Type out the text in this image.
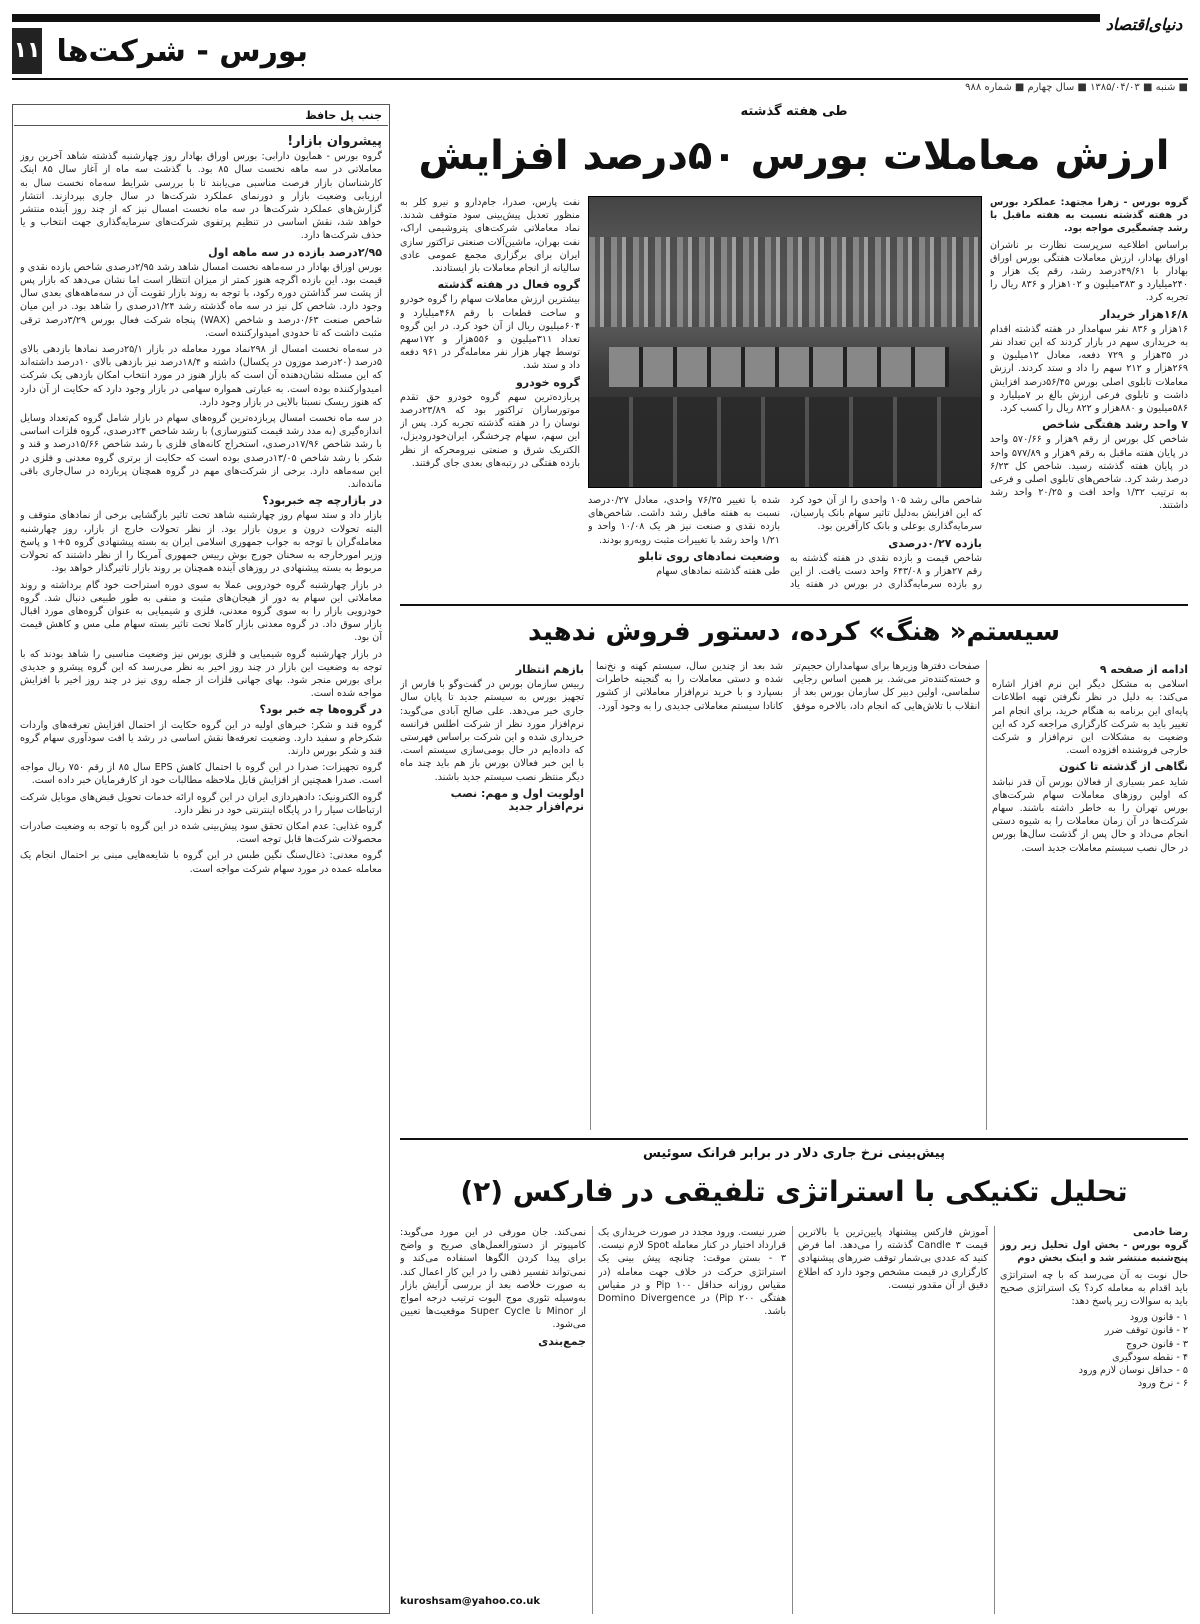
دنیای‌اقتصاد
۱۱ بورس - شرکت‌ها
■ شنبه ■ ۱۳۸۵/۰۴/۰۳ ■ سال چهارم ■ شماره ۹۸۸
جنب پل حافظ
پیشروان بازار!

گروه بورس - همایون دارابی: بورس اوراق بهادار روز چهارشنبه گذشته شاهد آخرین روز معاملاتی در سه ماهه نخست سال ۸۵ بود. با گذشت سه ماه از آغاز سال ۸۵ اینک کارشناسان بازار فرصت مناسبی می‌یابند تا با بررسی شرایط سه‌ماه نخست سال به ارزیابی وضعیت بازار و دورنمای عملکرد شرکت‌ها در سال جاری بپردازند. انتشار گزارش‌های عملکرد شرکت‌ها در سه ماه نخست امسال نیز که از چند روز آینده منتشر خواهد شد، نقش اساسی در تنظیم پرتفوی شرکت‌های سرمایه‌گذاری جهت انتخاب و یا حذف شرکت‌ها دارد.

۲/۹۵درصد بازده در سه ماهه اول

بورس اوراق بهادار در سه‌ماهه نخست امسال شاهد رشد ۲/۹۵درصدی شاخص بازده نقدی و قیمت بود. این بازده اگرچه هنوز کمتر از میزان انتظار است اما نشان می‌دهد که بازار پس از پشت سر گذاشتن دوره رکود، با توجه به روند بازار تقویت آن در سه‌ماهه‌های بعدی سال وجود دارد. شاخص کل نیز در سه ماه گذشته رشد ۱/۲۴درصدی را شاهد بود. در این میان شاخص صنعت ۰/۶۳درصد و شاخص (WAX) پنجاه شرکت فعال بورس ۳/۲۹درصد ترقی مثبت داشت که تا حدودی امیدوارکننده است.

در سه‌ماه نخست امسال از ۲۹۸نماد مورد معامله در بازار ۲۵/۱درصد نمادها بازدهی بالای ۵درصد (۲۰درصد موزون در یکسال) داشته و ۱۸/۴درصد نیز بازدهی بالای ۱۰درصد داشته‌اند که این مسئله نشان‌دهنده آن است که بازار هنوز در مورد انتخاب امکان بازدهی یک شرکت امیدوارکننده بوده است. به عبارتی همواره سهامی در بازار وجود دارد که حکایت از آن دارد که هنوز ریسک نسبتا بالایی در بازار وجود دارد.

در سه ماه نخست امسال پربازده‌ترین گروه‌های سهام در بازار شامل گروه کم‌تعداد وسایل اندازه‌گیری (به مدد رشد قیمت کنتورسازی) با رشد شاخص ۲۴درصدی، گروه فلزات اساسی با رشد شاخص ۱۷/۹۶درصدی، استخراج کانه‌های فلزی با رشد شاخص ۱۵/۶۶درصد و قند و شکر با رشد شاخص ۱۳/۰۵درصدی بوده است که حکایت از برتری گروه معدنی و فلزی در این سه‌ماهه دارد. برخی از شرکت‌های مهم در گروه همچنان پربازده در سال‌جاری باقی مانده‌اند.

در بازارچه چه خبربود؟

بازار داد و ستد سهام روز چهارشنبه شاهد تحت تاثیر بازگشایی برخی از نمادهای متوقف و البته تحولات درون و برون بازار بود. از نظر تحولات خارج از بازار، روز چهارشنبه معامله‌گران با توجه به جواب جمهوری اسلامی ایران به بسته پیشنهادی گروه ۵+۱ و پاسخ وزیر امورخارجه به سخنان جورج بوش رییس جمهوری آمریکا را از نظر داشتند که تحولات مربوط به بسته پیشنهادی در روزهای آینده همچنان بر روند بازار تاثیرگذار خواهد بود.

در بازار چهارشنبه گروه خودرویی عملا به سوی دوره استراحت خود گام برداشته و روند معاملاتی این سهام به دور از هیجان‌های مثبت و منفی به طور طبیعی دنبال شد. گروه خودرویی بازار را به سوی گروه معدنی، فلزی و شیمیایی به عنوان گروه‌های مورد اقبال بازار سوق داد. در گروه معدنی بازار کاملا تحت تاثیر بسته سهام ملی مس و کاهش قیمت آن بود.

در بازار چهارشنبه گروه شیمیایی و فلزی بورس نیز وضعیت مناسبی را شاهد بودند که با توجه به وضعیت این بازار در چند روز اخیر به نظر می‌رسد که این گروه پیشرو و جدیدی برای بورس منجر شود. بهای جهانی فلزات از جمله روی نیز در چند روز اخیر با افزایش مواجه شده است.

در گروه‌ها چه خبر بود؟

گروه قند و شکر: خبرهای اولیه در این گروه حکایت از احتمال افزایش تعرفه‌های واردات شکرخام و سفید دارد. وضعیت تعرفه‌ها نقش اساسی در رشد یا افت سودآوری سهام گروه قند و شکر بورس دارند.

گروه تجهیزات: صدرا در این گروه با احتمال کاهش EPS سال ۸۵ از رقم ۷۵۰ ریال مواجه است. صدرا همچنین از افزایش قابل ملاحظه مطالبات خود از کارفرمایان خبر داده است.

گروه الکترونیک: دادهپردازی ایران در این گروه ارائه خدمات تحویل قبض‌های موبایل شرکت ارتباطات سیار را در پایگاه اینترنتی خود در نظر دارد.

گروه غذایی: عدم امکان تحقق سود پیش‌بینی شده در این گروه با توجه به وضعیت صادرات محصولات شرکت‌ها قابل توجه است.

گروه معدنی: ذغال‌سنگ نگین طبس در این گروه با شایعه‌هایی مبنی بر احتمال انجام یک معامله عمده در مورد سهام شرکت مواجه است.

طی هفته گذشته
ارزش معاملات بورس ۵۰درصد افزایش

گروه بورس - زهرا مجتهد: عملکرد بورس در هفته گذشته نسبت به هفته ماقبل با رشد چشمگیری مواجه بود.

براساس اطلاعیه سرپرست نظارت بر ناشران اوراق بهادار، ارزش معاملات هفتگی بورس اوراق بهادار با ۴۹/۶۱درصد رشد، رقم یک هزار و ۲۴۰میلیارد و ۳۸۳میلیون و ۱۰۲هزار و ۸۳۶ ریال را تجربه کرد.

۱۶/۸هزار خریدار

۱۶هزار و ۸۳۶ نفر سهامدار در هفته گذشته اقدام به خریداری سهم در بازار کردند که این تعداد نفر در ۳۵هزار و ۷۲۹ دفعه، معادل ۱۲میلیون و ۲۶۹هزار و ۲۱۲ سهم را داد و ستد کردند. ارزش معاملات تابلوی اصلی بورس ۵۶/۴۵درصد افزایش داشت و تابلوی فرعی ارزش بالغ بر ۷میلیارد و ۵۸۶میلیون و ۸۸۰هزار و ۸۲۲ ریال را کسب کرد.

۷ واحد رشد هفتگی شاخص

شاخص کل بورس از رقم ۹هزار و ۵۷۰/۶۶ واحد در پایان هفته ماقبل به رقم ۹هزار و ۵۷۷/۸۹ واحد در پایان هفته گذشته رسید. شاخص کل ۶/۲۳ درصد رشد کرد. شاخص‌های تابلوی اصلی و فرعی به ترتیب ۱/۳۲ واحد افت و ۲۰/۲۵ واحد رشد داشتند.

شاخص مالی رشد ۱۰۵ واحدی را از آن خود کرد که این افزایش به‌دلیل تاثیر سهام بانک پارسیان، سرمایه‌گذاری بوعلی و بانک کارآفرین بود.

بازده ۰/۲۷درصدی

شاخص قیمت و بازده نقدی در هفته گذشته به رقم ۲۷هزار و ۶۴۳/۰۸ واحد دست یافت. از این رو بازده سرمایه‌گذاری در بورس در هفته یاد شده با تغییر ۷۶/۳۵ واحدی، معادل ۰/۲۷درصد نسبت به هفته ماقبل رشد داشت. شاخص‌های بازده نقدی و صنعت نیز هر یک ۱۰/۰۸ واحد و ۱/۲۱ واحد رشد با تغییرات مثبت روبه‌رو بودند.

وضعیت نمادهای روی تابلو

طی هفته گذشته نمادهای سهام

نفت پارس، صدرا، جام‌دارو و نیرو کلر به منظور تعدیل پیش‌بینی سود متوقف شدند. نماد معاملاتی شرکت‌های پتروشیمی اراک، نفت بهران، ماشین‌آلات صنعتی تراکتور سازی ایران برای برگزاری مجمع عمومی عادی سالیانه از انجام معاملات باز ایستادند.

گروه فعال در هفته گذشته

بیشترین ارزش معاملات سهام را گروه خودرو و ساخت قطعات با رقم ۴۶۸میلیارد و ۶۰۴میلیون ریال از آن خود کرد. در این گروه تعداد ۳۱۱میلیون و ۵۵۶هزار و ۱۷۲سهم توسط چهار هزار نفر معامله‌گر در ۹۶۱ دفعه داد و ستد شد.

گروه خودرو

پربازده‌ترین سهم گروه خودرو حق تقدم موتورسازان تراکتور بود که ۲۳/۸۹درصد نوسان را در هفته گذشته تجربه کرد. پس از این سهم، سهام چرخشگر، ایران‌خودرودیزل، الکتریک شرق و صنعتی نیرومحرکه از نظر بازده هفتگی در رتبه‌های بعدی جای گرفتند.

سیستم« هنگ» کرده، دستور فروش ندهید
ادامه از صفحه ۹

اسلامی به مشکل دیگر این نرم افزار اشاره می‌کند: به دلیل در نظر نگرفتن تهیه اطلاعات پایه‌ای این برنامه به هنگام خرید، برای انجام امر تغییر باید به شرکت کارگزاری مراجعه کرد که این وضعیت به مشکلات این نرم‌افزار و شرکت خارجی فروشنده افزوده است.

نگاهی از گذشته تا کنون

شاید عمر بسیاری از فعالان بورس آن قدر نباشد که اولین روزهای معاملات سهام شرکت‌های بورس تهران را به خاطر داشته باشند. سهام شرکت‌ها در آن زمان معاملات را به شیوه دستی انجام می‌داد و حال پس از گذشت سال‌ها بورس در حال نصب سیستم معاملات جدید است.

صفحات دفترها وزیرها برای سهامداران حجیم‌تر و خسته‌کننده‌تر می‌شد. بر همین اساس رجایی سلماسی، اولین دبیر کل سازمان بورس بعد از انقلاب با تلاش‌هایی که انجام داد، بالاخره موفق شد بعد از چندین سال، سیستم کهنه و نخ‌نما شده و دستی معاملات را به گنجینه خاطرات بسپارد و با خرید نرم‌افزار معاملاتی از کشور کانادا سیستم معاملاتی جدیدی را به وجود آورد.

بازهم انتظار

رییس سازمان بورس در گفت‌وگو با فارس از تجهیز بورس به سیستم جدید تا پایان سال جاری خبر می‌دهد. علی صالح آبادی می‌گوید: نرم‌افزار مورد نظر از شرکت اطلس فرانسه خریداری شده و این شرکت براساس فهرستی که داده‌ایم در حال بومی‌سازی سیستم است. با این خبر فعالان بورس باز هم باید چند ماه دیگر منتظر نصب سیستم جدید باشند.

اولویت اول و مهم: نصب نرم‌افزار جدید
پیش‌بینی نرخ جاری دلار در برابر فرانک سوئیس
تحلیل تکنیکی با استراتژی تلفیقی در فارکس (۲)
رضا خادمی

گروه بورس - بخش اول تحلیل زیر روز پنج‌شنبه منتشر شد و اینک بخش دوم

حال نوبت به آن می‌رسد که با چه استراتژی باید اقدام به معامله کرد؟ یک استراتژی صحیح باید به سوالات زیر پاسخ دهد:

۱ - قانون ورود
۲ - قانون توقف ضرر
۳ - قانون خروج
۴ - نقطه سودگیری
۵ - حداقل نوسان لازم ورود
۶ - نرخ ورود

آموزش فارکس پیشنهاد پایین‌ترین یا بالاترین قیمت Candle ۳ گذشته را می‌دهد. اما فرض کنید که عددی بی‌شمار توقف ضررهای پیشنهادی کارگزاری در قیمت مشخص وجود دارد که اطلاع دقیق از آن مقدور نیست.

ضرر نیست. ورود مجدد در صورت خریداری یک قرارداد اختیار در کنار معامله Spot لازم نیست. ۳ - بستن موقت: چنانچه پیش بینی یک استراتژی حرکت در خلاف جهت معامله (در مقیاس روزانه حداقل ۱۰۰ Pip و در مقیاس هفتگی ۲۰۰ Pip) در Domino Divergence باشد.

نمی‌کند. جان مورفی در این مورد می‌گوید: کامپیوتر از دستورالعمل‌های صریح و واضح برای پیدا کردن الگوها استفاده می‌کند و نمی‌تواند تفسیر ذهنی را در این کار اعمال کند. به صورت خلاصه بعد از بررسی آرایش بازار به‌وسیله تئوری موج الیوت ترتیب درجه امواج از Minor تا Super Cycle موقعیت‌ها تعیین می‌شود.

جمع‌بندی
kuroshsam@yahoo.co.uk
